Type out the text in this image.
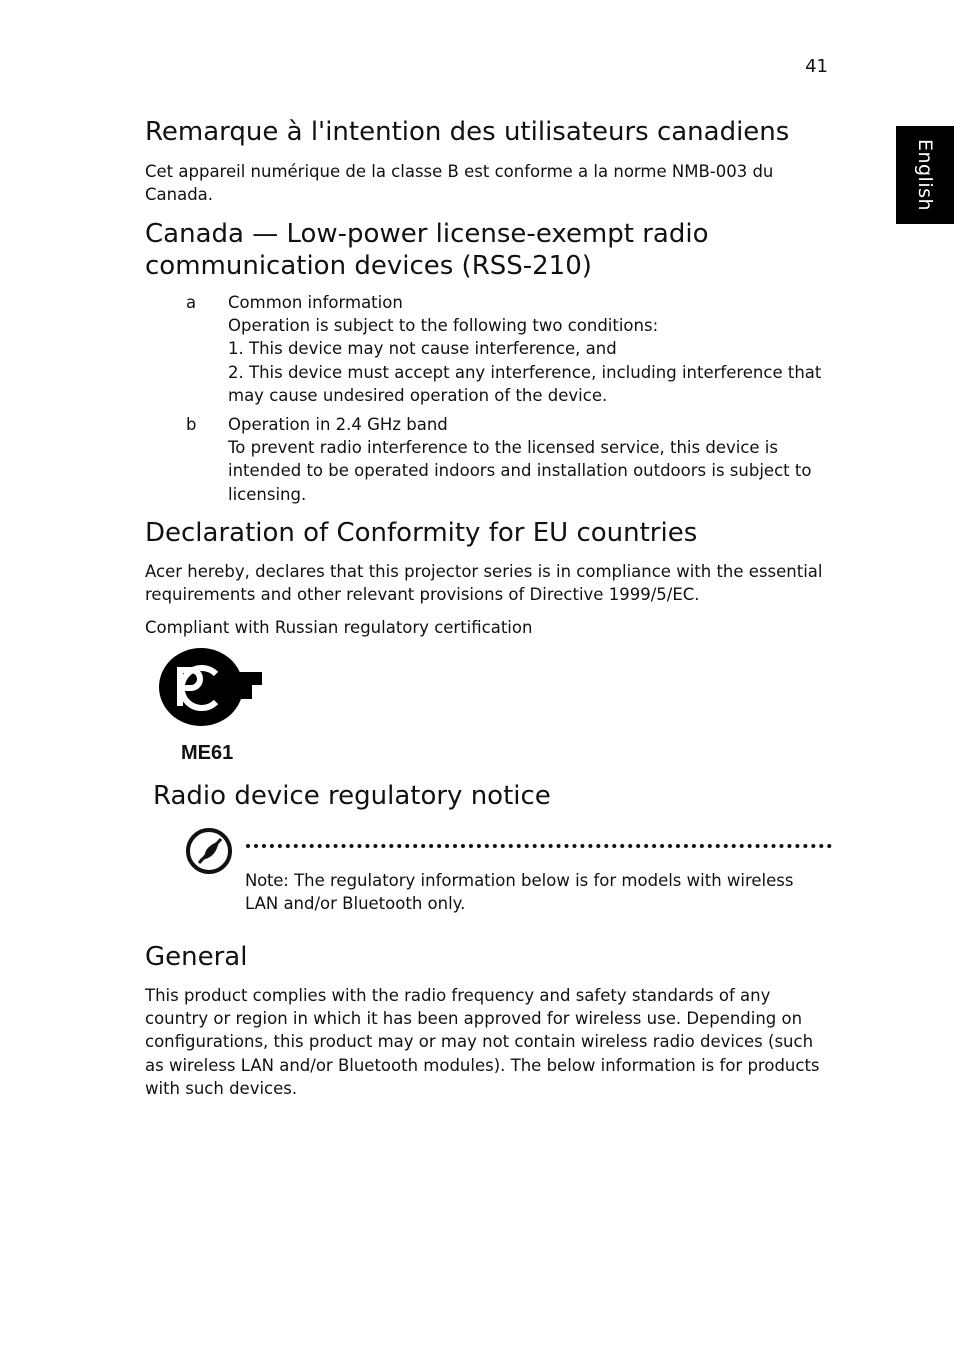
41
English
Remarque à l'intention des utilisateurs canadiens

Cet appareil numérique de la classe B est conforme a la norme NMB-003 du Canada.

Canada — Low-power license-exempt radio communication devices (RSS-210)
a Common information
Operation is subject to the following two conditions:
1. This device may not cause interference, and
2. This device must accept any interference, including interference that may cause undesired operation of the device.
b Operation in 2.4 GHz band
To prevent radio interference to the licensed service, this device is intended to be operated indoors and installation outdoors is subject to licensing.
Declaration of Conformity for EU countries

Acer hereby, declares that this projector series is in compliance with the essential requirements and other relevant provisions of Directive 1999/5/EC.

Compliant with Russian regulatory certification

ME61
Radio device regulatory notice

Note: The regulatory information below is for models with wireless LAN and/or Bluetooth only.

General

This product complies with the radio frequency and safety standards of any country or region in which it has been approved for wireless use. Depending on configurations, this product may or may not contain wireless radio devices (such as wireless LAN and/or Bluetooth modules). The below information is for products with such devices.
